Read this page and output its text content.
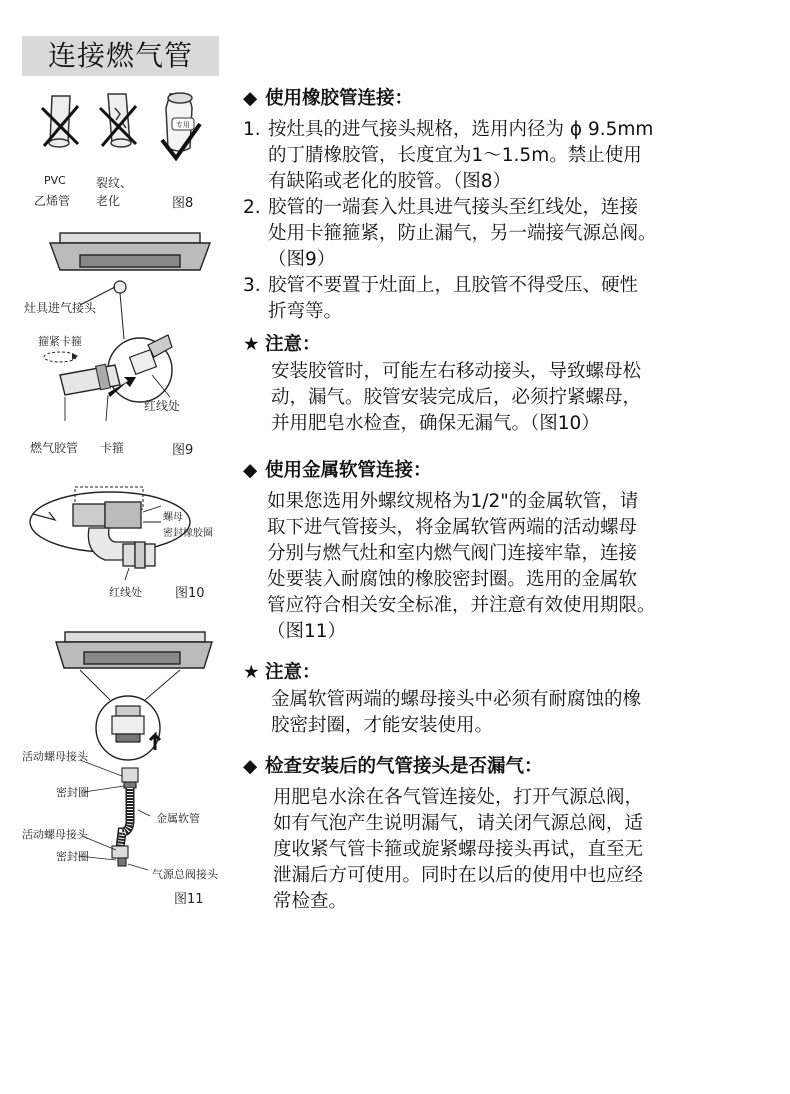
连接燃气管
专用
PVC
乙烯管
裂纹、
老化	图8
灶具进气接头
箍紧卡箍
红线处
燃气胶管 卡箍	图9
螺母
密封橡胶圈
红线处	图10
活动螺母接头
密封圈
金属软管
活动螺母接头
密封圈
气源总阀接头
图11
◆ 使用橡胶管连接：
1. 按灶具的进气接头规格，选用内径为 ϕ 9.5mm
的丁腈橡胶管，长度宜为1～1.5m。禁止使用
有缺陷或老化的胶管。（图8）
2. 胶管的一端套入灶具进气接头至红线处，连接
处用卡箍箍紧，防止漏气，另一端接气源总阀。
（图9）
3. 胶管不要置于灶面上，且胶管不得受压、硬性
折弯等。
★ 注意：
安装胶管时，可能左右移动接头，导致螺母松
动，漏气。胶管安装完成后，必须拧紧螺母，
并用肥皂水检查，确保无漏气。（图10）
◆ 使用金属软管连接：
如果您选用外螺纹规格为1/2"的金属软管，请
取下进气管接头，将金属软管两端的活动螺母
分别与燃气灶和室内燃气阀门连接牢靠，连接
处要装入耐腐蚀的橡胶密封圈。选用的金属软
管应符合相关安全标准，并注意有效使用期限。
（图11）
★ 注意：
金属软管两端的螺母接头中必须有耐腐蚀的橡
胶密封圈，才能安装使用。
◆ 检查安装后的气管接头是否漏气：
用肥皂水涂在各气管连接处，打开气源总阀，
如有气泡产生说明漏气，请关闭气源总阀，适
度收紧气管卡箍或旋紧螺母接头再试，直至无
泄漏后方可使用。同时在以后的使用中也应经
常检查。
